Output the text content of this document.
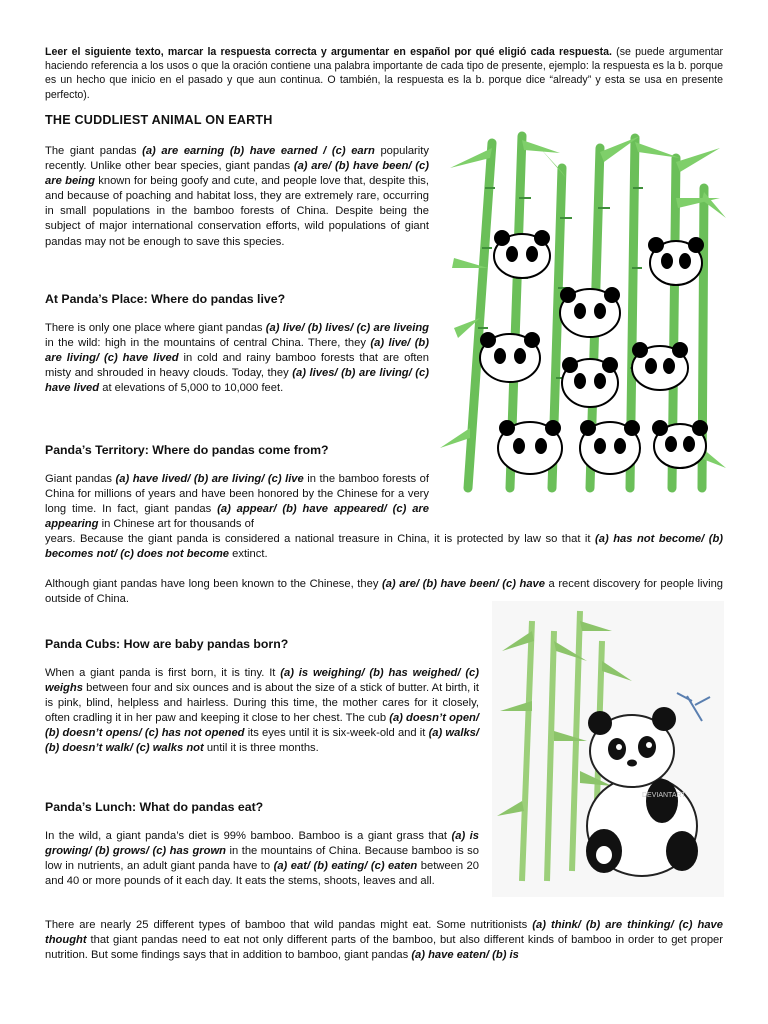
Leer el siguiente texto, marcar la respuesta correcta y argumentar en español por qué eligió cada respuesta. (se puede argumentar haciendo referencia a los usos o que la oración contiene una palabra importante de cada tipo de presente, ejemplo: la respuesta es la b. porque es un hecho que inicio en el pasado y que aun continua. O también, la respuesta es la b. porque dice “already” y esta se usa en presente perfecto).
THE CUDDLIEST ANIMAL ON EARTH
The giant pandas (a) are earning (b) have earned / (c) earn popularity recently. Unlike other bear species, giant pandas (a) are/ (b) have been/ (c) are being known for being goofy and cute, and people love that, despite this, and because of poaching and habitat loss, they are extremely rare, occurring in small populations in the bamboo forests of China. Despite being the subject of major international conservation efforts, wild populations of giant pandas may not be enough to save this species.
At Panda’s Place: Where do pandas live?
There is only one place where giant pandas (a) live/ (b) lives/ (c) are liveing in the wild: high in the mountains of central China. There, they (a) live/ (b) are living/ (c) have lived in cold and rainy bamboo forests that are often misty and shrouded in heavy clouds. Today, they (a) lives/ (b) are living/ (c) have lived at elevations of 5,000 to 10,000 feet.
Panda’s Territory: Where do pandas come from?
Giant pandas (a) have lived/ (b) are living/ (c) live in the bamboo forests of China for millions of years and have been honored by the Chinese for a very long time. In fact, giant pandas (a) appear/ (b) have appeared/ (c) are appearing in Chinese art for thousands of
years. Because the giant panda is considered a national treasure in China, it is protected by law so that it (a) has not become/ (b) becomes not/ (c) does not become extinct.
Although giant pandas have long been known to the Chinese, they (a) are/ (b) have been/ (c) have a recent discovery for people living outside of China.
Panda Cubs: How are baby pandas born?
When a giant panda is first born, it is tiny. It (a) is weighing/ (b) has weighed/ (c) weighs between four and six ounces and is about the size of a stick of butter. At birth, it is pink, blind, helpless and hairless. During this time, the mother cares for it closely, often cradling it in her paw and keeping it close to her chest. The cub (a) doesn’t open/ (b) doesn’t opens/ (c) has not opened its eyes until it is six-week-old and it (a) walks/ (b) doesn’t walk/ (c) walks not until it is three months.
Panda’s Lunch: What do pandas eat?
In the wild, a giant panda’s diet is 99% bamboo. Bamboo is a giant grass that (a) is growing/ (b) grows/ (c) has grown in the mountains of China. Because bamboo is so low in nutrients, an adult giant panda have to (a) eat/ (b) eating/ (c) eaten between 20 and 40 or more pounds of it each day. It eats the stems, shoots, leaves and all.
There are nearly 25 different types of bamboo that wild pandas might eat. Some nutritionists (a) think/ (b) are thinking/ (c) have thought that giant pandas need to eat not only different parts of the bamboo, but also different kinds of bamboo in order to get proper nutrition. But some findings says that in addition to bamboo, giant pandas (a) have eaten/ (b) is
DEVIANTART
